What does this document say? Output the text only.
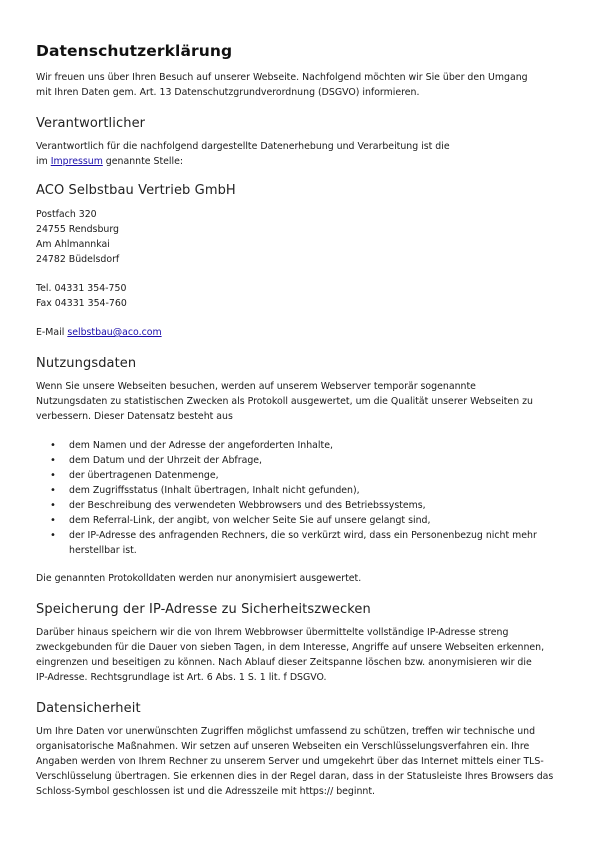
Datenschutzerklärung

Wir freuen uns über Ihren Besuch auf unserer Webseite. Nachfolgend möchten wir Sie über den Umgang
mit Ihren Daten gem. Art. 13 Datenschutzgrundverordnung (DSGVO) informieren.

Verantwortlicher

Verantwortlich für die nachfolgend dargestellte Datenerhebung und Verarbeitung ist die
im Impressum genannte Stelle:

ACO Selbstbau Vertrieb GmbH

Postfach 320
24755 Rendsburg
Am Ahlmannkai
24782 Büdelsdorf

Tel. 04331 354-750
Fax 04331 354-760

E-Mail selbstbau@aco.com

Nutzungsdaten

Wenn Sie unsere Webseiten besuchen, werden auf unserem Webserver temporär sogenannte
Nutzungsdaten zu statistischen Zwecken als Protokoll ausgewertet, um die Qualität unserer Webseiten zu
verbessern. Dieser Datensatz besteht aus

• dem Namen und der Adresse der angeforderten Inhalte,
• dem Datum und der Uhrzeit der Abfrage,
• der übertragenen Datenmenge,
• dem Zugriffsstatus (Inhalt übertragen, Inhalt nicht gefunden),
• der Beschreibung des verwendeten Webbrowsers und des Betriebssystems,
• dem Referral-Link, der angibt, von welcher Seite Sie auf unsere gelangt sind,
• der IP-Adresse des anfragenden Rechners, die so verkürzt wird, dass ein Personenbezug nicht mehr
herstellbar ist.

Die genannten Protokolldaten werden nur anonymisiert ausgewertet.

Speicherung der IP-Adresse zu Sicherheitszwecken

Darüber hinaus speichern wir die von Ihrem Webbrowser übermittelte vollständige IP-Adresse streng
zweckgebunden für die Dauer von sieben Tagen, in dem Interesse, Angriffe auf unsere Webseiten erkennen,
eingrenzen und beseitigen zu können. Nach Ablauf dieser Zeitspanne löschen bzw. anonymisieren wir die
IP-Adresse. Rechtsgrundlage ist Art. 6 Abs. 1 S. 1 lit. f DSGVO.

Datensicherheit

Um Ihre Daten vor unerwünschten Zugriffen möglichst umfassend zu schützen, treffen wir technische und
organisatorische Maßnahmen. Wir setzen auf unseren Webseiten ein Verschlüsselungsverfahren ein. Ihre
Angaben werden von Ihrem Rechner zu unserem Server und umgekehrt über das Internet mittels einer TLS-
Verschlüsselung übertragen. Sie erkennen dies in der Regel daran, dass in der Statusleiste Ihres Browsers das
Schloss-Symbol geschlossen ist und die Adresszeile mit https:// beginnt.
